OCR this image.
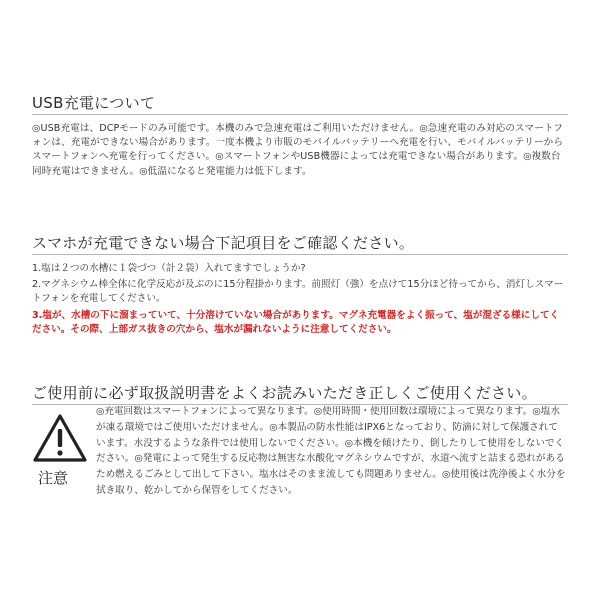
USB充電について
◎USB充電は、DCPモードのみ可能です。本機のみで急速充電はご利用いただけません。◎急速充電のみ対応のスマートフォンは、充電ができない場合があります。一度本機より市販のモバイルバッテリーへ充電を行い、モバイルバッテリーからスマートフォンへ充電を行ってください。◎スマートフォンやUSB機器によっては充電できない場合があります。◎複数台同時充電はできません。◎低温になると発電能力は低下します。
スマホが充電できない場合下記項目をご確認ください。
1.塩は２つの水槽に１袋づつ（計２袋）入れてますでしょうか?
2.マグネシウム棒全体に化学反応が及ぶのに15分程掛かります。前照灯（強）を点けて15分ほど待ってから、消灯しスマートフォンを充電してください。
3.塩が、水槽の下に溜まっていて、十分溶けていない場合があります。マグネ充電器をよく振って、塩が混ざる様にしてください。その際、上部ガス抜きの穴から、塩水が漏れないように注意してください。
ご使用前に必ず取扱説明書をよくお読みいただき正しくご使用ください。
注意
◎充電回数はスマートフォンによって異なります。◎使用時間・使用回数は環境によって異なります。◎塩水が凍る環境ではご使用いただけません。◎本製品の防水性能はIPX6となっており、防滴に対して保護されています。水没するような条件では使用しないでください。◎本機を傾けたり、倒したりして使用をしないでください。◎発電によって発生する反応物は無害な水酸化マグネシウムですが、水道へ流すと詰まる恐れがあるため燃えるごみとして出して下さい。塩水はそのまま流しても問題ありません。◎使用後は洗浄後よく水分を拭き取り、乾かしてから保管をしてください。
